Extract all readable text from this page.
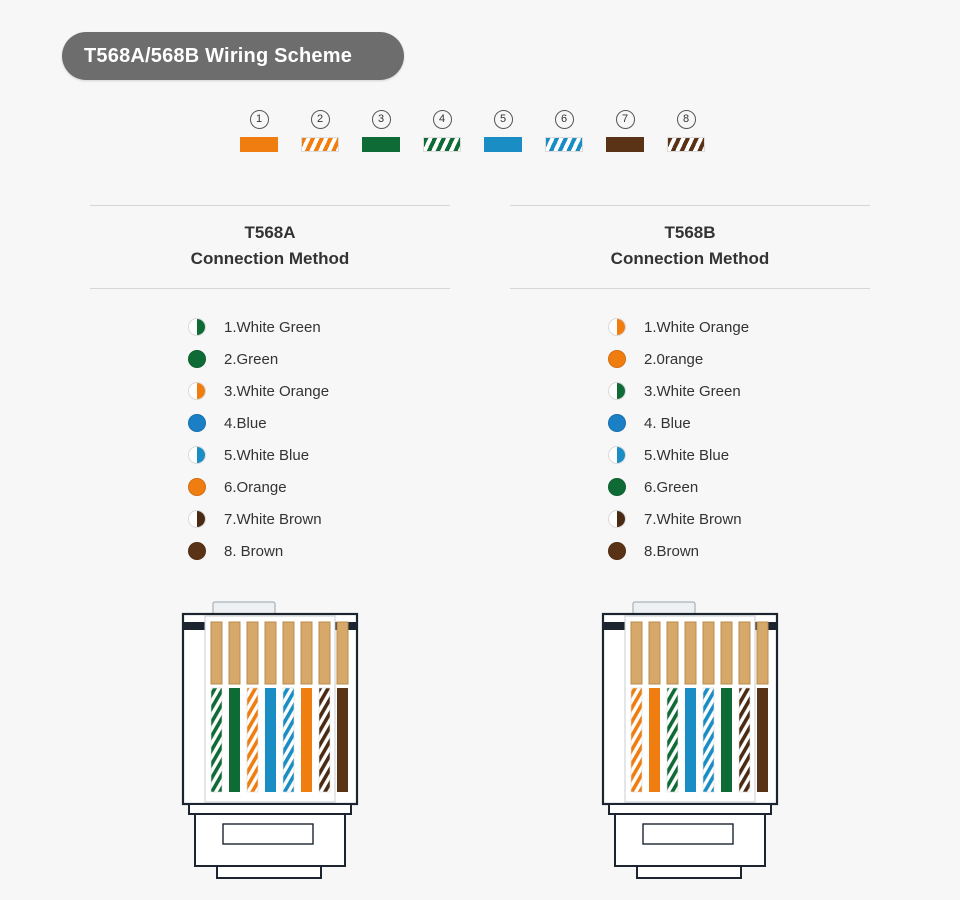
T568A/568B Wiring Scheme
1	2	3	4	5	6	7	8
T568A
Connection Method
1.White Green
2.Green
3.White Orange
4.Blue
5.White Blue
6.Orange
7.White Brown
8. Brown
T568B
Connection Method
1.White Orange
2.0range
3.White Green
4. Blue
5.White Blue
6.Green
7.White Brown
8.Brown
